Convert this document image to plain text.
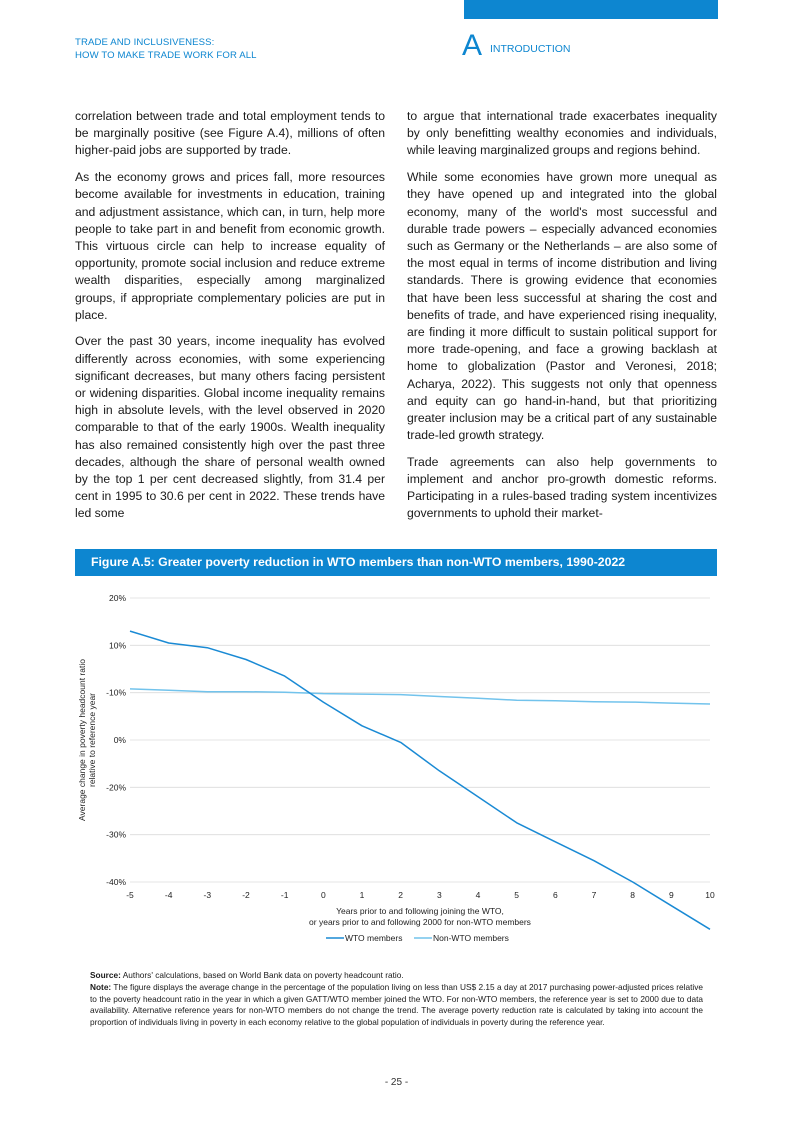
TRADE AND INCLUSIVENESS:
HOW TO MAKE TRADE WORK FOR ALL	A INTRODUCTION

correlation between trade and total employment tends to be marginally positive (see Figure A.4), millions of often higher-paid jobs are supported by trade.

As the economy grows and prices fall, more resources become available for investments in education, training and adjustment assistance, which can, in turn, help more people to take part in and benefit from economic growth. This virtuous circle can help to increase equality of opportunity, promote social inclusion and reduce extreme wealth disparities, especially among marginalized groups, if appropriate complementary policies are put in place.

Over the past 30 years, income inequality has evolved differently across economies, with some experiencing significant decreases, but many others facing persistent or widening disparities. Global income inequality remains high in absolute levels, with the level observed in 2020 comparable to that of the early 1900s. Wealth inequality has also remained consistently high over the past three decades, although the share of personal wealth owned by the top 1 per cent decreased slightly, from 31.4 per cent in 1995 to 30.6 per cent in 2022. These trends have led some

to argue that international trade exacerbates inequality by only benefitting wealthy economies and individuals, while leaving marginalized groups and regions behind.

While some economies have grown more unequal as they have opened up and integrated into the global economy, many of the world's most successful and durable trade powers – especially advanced economies such as Germany or the Netherlands – are also some of the most equal in terms of income distribution and living standards. There is growing evidence that economies that have been less successful at sharing the cost and benefits of trade, and have experienced rising inequality, are finding it more difficult to sustain political support for more trade-opening, and face a growing backlash at home to globalization (Pastor and Veronesi, 2018; Acharya, 2022). This suggests not only that openness and equity can go hand-in-hand, but that prioritizing greater inclusion may be a critical part of any sustainable trade-led growth strategy.

Trade agreements can also help governments to implement and anchor pro-growth domestic reforms. Participating in a rules-based trading system incentivizes governments to uphold their market-

Figure A.5: Greater poverty reduction in WTO members than non-WTO members, 1990-2022
20%
10%
-10%
0%
-20%
-30%
-40%
-5	-4	-3	-2	-1	0	1	2	3	4	5	6	7	8	9	10
Years prior to and following joining the WTO,
or years prior to and following 2000 for non-WTO members
Average change in poverty headcount ratio relative to reference year
WTO members	Non-WTO members

Source: Authors' calculations, based on World Bank data on poverty headcount ratio.

Note: The figure displays the average change in the percentage of the population living on less than US$ 2.15 a day at 2017 purchasing power-adjusted prices relative to the poverty headcount ratio in the year in which a given GATT/WTO member joined the WTO. For non-WTO members, the reference year is set to 2000 due to data availability. Alternative reference years for non-WTO members do not change the trend. The average poverty reduction rate is calculated by taking into account the proportion of individuals living in poverty in each economy relative to the global population of individuals in poverty during the reference year.

- 25 -
